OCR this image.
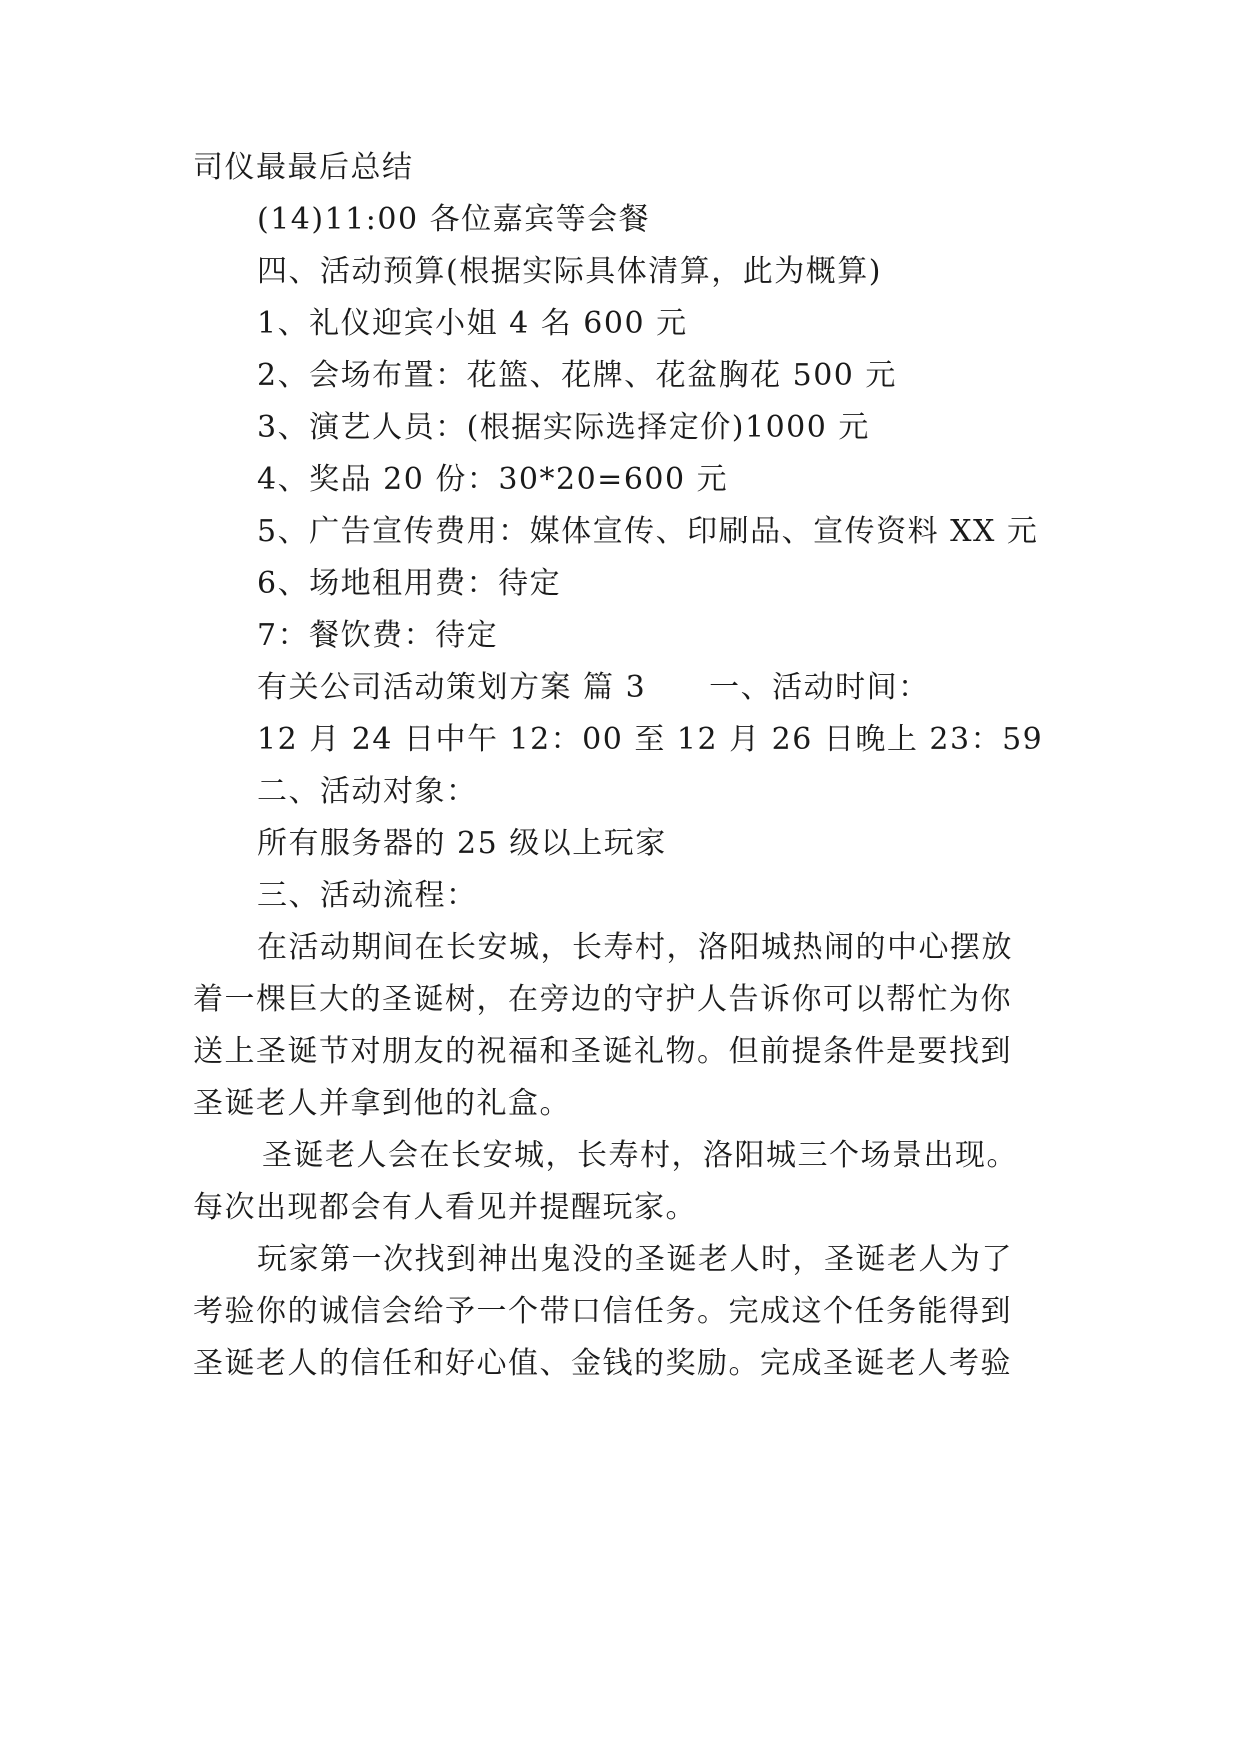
司仪最最后总结
(14)11:00 各位嘉宾等会餐
四、活动预算(根据实际具体清算，此为概算)
1、礼仪迎宾小姐 4 名 600 元
2、会场布置：花篮、花牌、花盆胸花 500 元
3、演艺人员：(根据实际选择定价)1000 元
4、奖品 20 份：30*20=600 元
5、广告宣传费用：媒体宣传、印刷品、宣传资料 XX 元
6、场地租用费：待定
7：餐饮费：待定
有关公司活动策划方案 篇 3　　一、活动时间：
12 月 24 日中午 12：00 至 12 月 26 日晚上 23：59
二、活动对象：
所有服务器的 25 级以上玩家
三、活动流程：
在活动期间在长安城，长寿村，洛阳城热闹的中心摆放
着一棵巨大的圣诞树，在旁边的守护人告诉你可以帮忙为你
送上圣诞节对朋友的祝福和圣诞礼物。但前提条件是要找到
圣诞老人并拿到他的礼盒。
圣诞老人会在长安城，长寿村，洛阳城三个场景出现。
每次出现都会有人看见并提醒玩家。
玩家第一次找到神出鬼没的圣诞老人时，圣诞老人为了
考验你的诚信会给予一个带口信任务。完成这个任务能得到
圣诞老人的信任和好心值、金钱的奖励。完成圣诞老人考验
